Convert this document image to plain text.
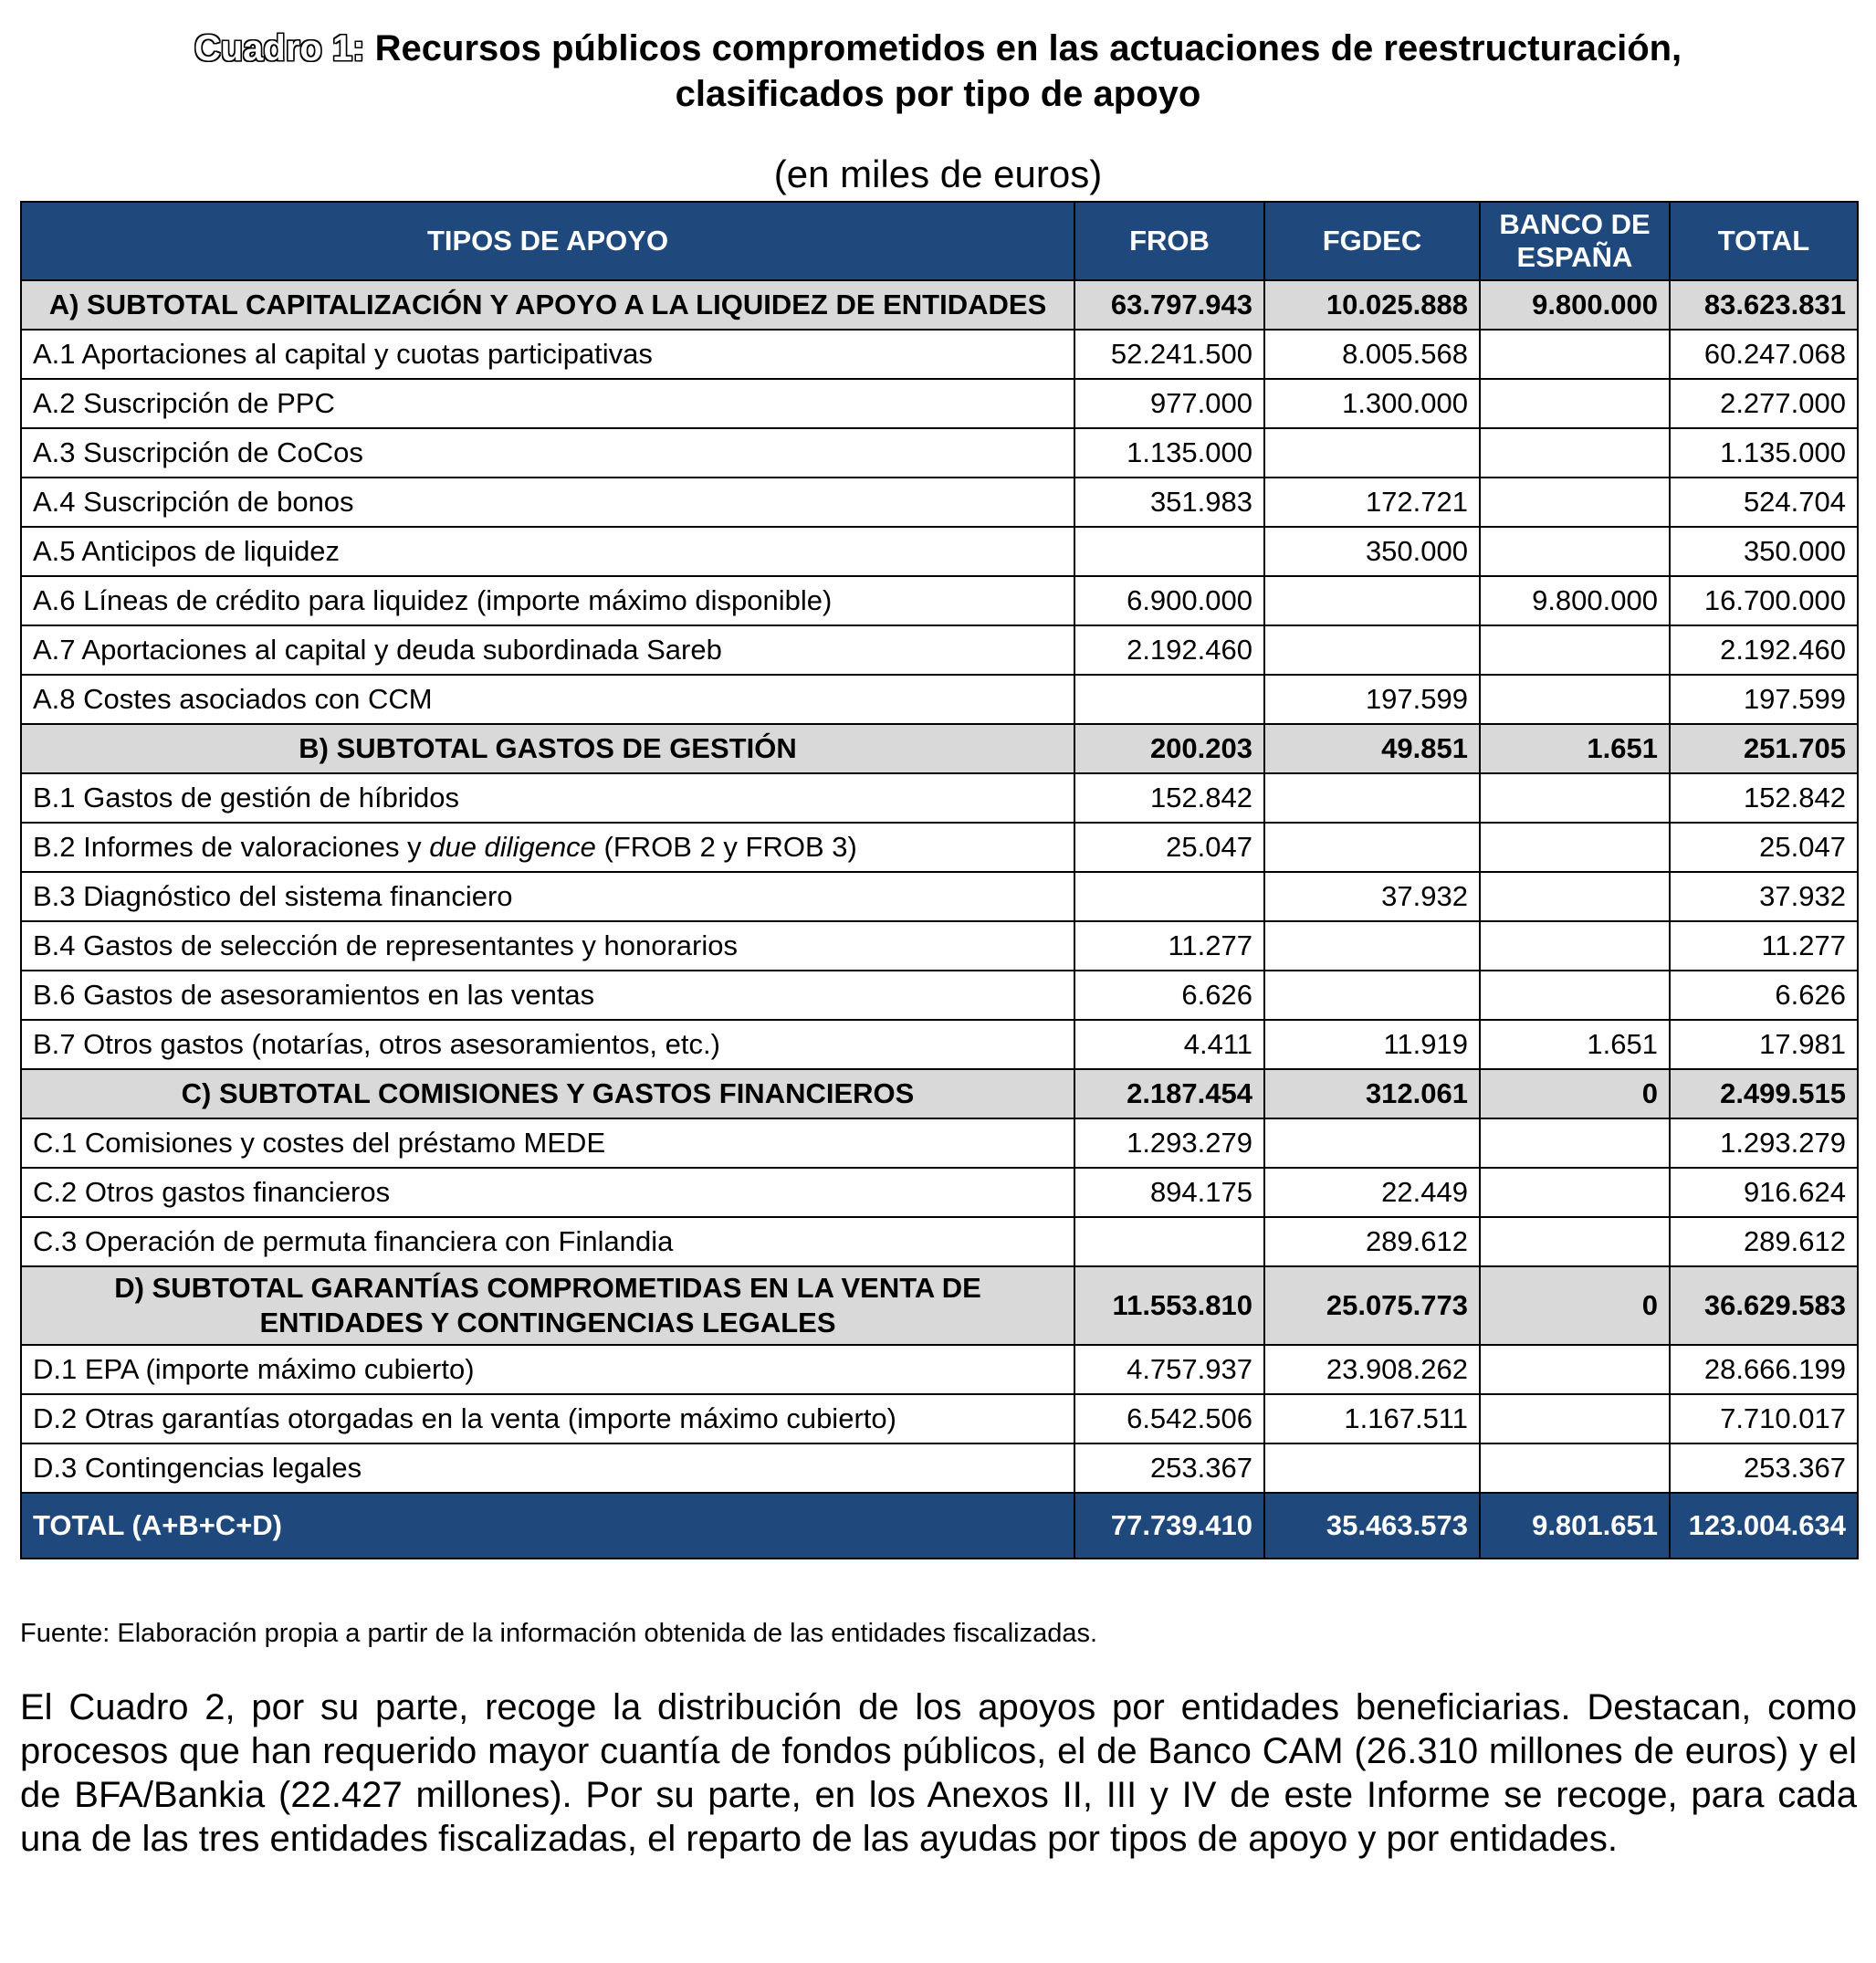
Cuadro 1: Recursos públicos comprometidos en las actuaciones de reestructuración,
clasificados por tipo de apoyo
(en miles de euros)
TIPOS DE APOYO	FROB	FGDEC	BANCO DE ESPAÑA	TOTAL
A) SUBTOTAL CAPITALIZACIÓN Y APOYO A LA LIQUIDEZ DE ENTIDADES	63.797.943	10.025.888	9.800.000	83.623.831
A.1 Aportaciones al capital y cuotas participativas	52.241.500	8.005.568		60.247.068
A.2 Suscripción de PPC	977.000	1.300.000		2.277.000
A.3 Suscripción de CoCos	1.135.000			1.135.000
A.4 Suscripción de bonos	351.983	172.721		524.704
A.5 Anticipos de liquidez		350.000		350.000
A.6 Líneas de crédito para liquidez (importe máximo disponible)	6.900.000		9.800.000	16.700.000
A.7 Aportaciones al capital y deuda subordinada Sareb	2.192.460			2.192.460
A.8 Costes asociados con CCM		197.599		197.599
B) SUBTOTAL GASTOS DE GESTIÓN	200.203	49.851	1.651	251.705
B.1 Gastos de gestión de híbridos	152.842			152.842
B.2 Informes de valoraciones y due diligence (FROB 2 y FROB 3)	25.047			25.047
B.3 Diagnóstico del sistema financiero		37.932		37.932
B.4 Gastos de selección de representantes y honorarios	11.277			11.277
B.6 Gastos de asesoramientos en las ventas	6.626			6.626
B.7 Otros gastos (notarías, otros asesoramientos, etc.)	4.411	11.919	1.651	17.981
C) SUBTOTAL COMISIONES Y GASTOS FINANCIEROS	2.187.454	312.061	0	2.499.515
C.1 Comisiones y costes del préstamo MEDE	1.293.279			1.293.279
C.2 Otros gastos financieros	894.175	22.449		916.624
C.3 Operación de permuta financiera con Finlandia		289.612		289.612
D) SUBTOTAL GARANTÍAS COMPROMETIDAS EN LA VENTA DE ENTIDADES Y CONTINGENCIAS LEGALES	11.553.810	25.075.773	0	36.629.583
D.1 EPA (importe máximo cubierto)	4.757.937	23.908.262		28.666.199
D.2 Otras garantías otorgadas en la venta (importe máximo cubierto)	6.542.506	1.167.511		7.710.017
D.3 Contingencias legales	253.367			253.367
TOTAL (A+B+C+D)	77.739.410	35.463.573	9.801.651	123.004.634
Fuente: Elaboración propia a partir de la información obtenida de las entidades fiscalizadas.
El Cuadro 2, por su parte, recoge la distribución de los apoyos por entidades beneficiarias. Destacan, como procesos que han requerido mayor cuantía de fondos públicos, el de Banco CAM (26.310 millones de euros) y el de BFA/Bankia (22.427 millones). Por su parte, en los Anexos II, III y IV de este Informe se recoge, para cada una de las tres entidades fiscalizadas, el reparto de las ayudas por tipos de apoyo y por entidades.
